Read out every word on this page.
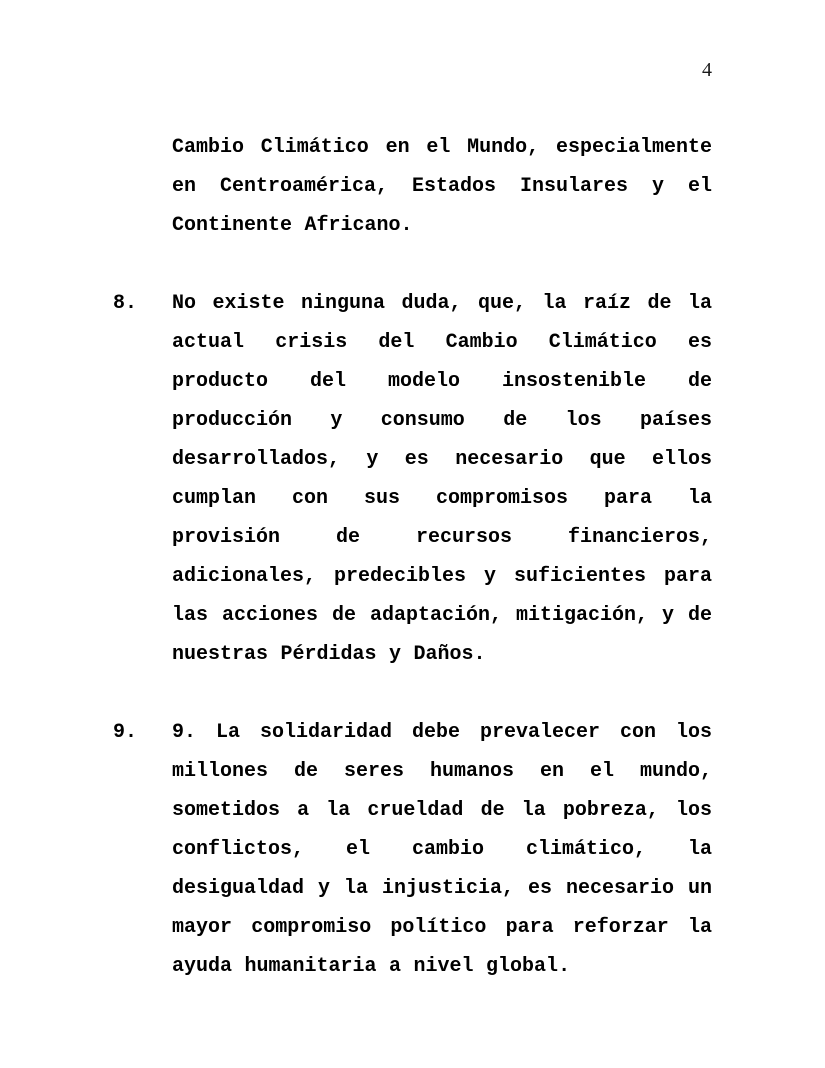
4
Cambio Climático en el Mundo, especialmente en Centroamérica, Estados Insulares y el Continente Africano.
8.	No existe ninguna duda, que, la raíz de la actual crisis del Cambio Climático es producto del modelo insostenible de producción y consumo de los países desarrollados, y es necesario que ellos cumplan con sus compromisos para la provisión de recursos financieros, adicionales, predecibles y suficientes para las acciones de adaptación, mitigación, y de nuestras Pérdidas y Daños.
9.	9. La solidaridad debe prevalecer con los millones de seres humanos en el mundo, sometidos a la crueldad de la pobreza, los conflictos, el cambio climático, la desigualdad y la injusticia, es necesario un mayor compromiso político para reforzar la ayuda humanitaria a nivel global.
